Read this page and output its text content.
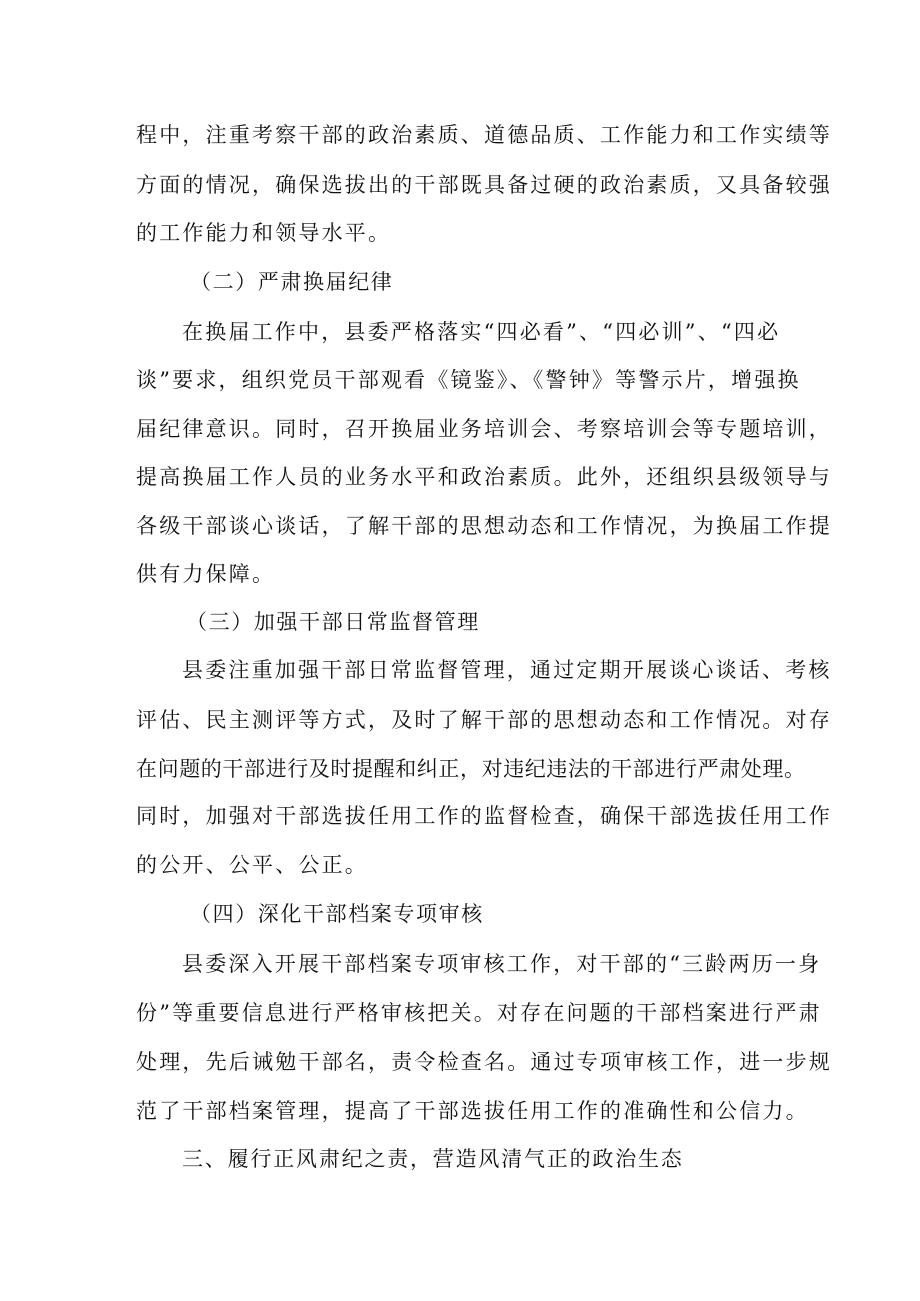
程中，注重考察干部的政治素质、道德品质、工作能力和工作实绩等
方面的情况，确保选拔出的干部既具备过硬的政治素质，又具备较强
的工作能力和领导水平。
（二）严肃换届纪律
在换届工作中，县委严格落实“四必看”、“四必训”、“四必
谈”要求，组织党员干部观看《镜鉴》、《警钟》等警示片，增强换
届纪律意识。同时，召开换届业务培训会、考察培训会等专题培训，
提高换届工作人员的业务水平和政治素质。此外，还组织县级领导与
各级干部谈心谈话，了解干部的思想动态和工作情况，为换届工作提
供有力保障。
（三）加强干部日常监督管理
县委注重加强干部日常监督管理，通过定期开展谈心谈话、考核
评估、民主测评等方式，及时了解干部的思想动态和工作情况。对存
在问题的干部进行及时提醒和纠正，对违纪违法的干部进行严肃处理。
同时，加强对干部选拔任用工作的监督检查，确保干部选拔任用工作
的公开、公平、公正。
（四）深化干部档案专项审核
县委深入开展干部档案专项审核工作，对干部的“三龄两历一身
份”等重要信息进行严格审核把关。对存在问题的干部档案进行严肃
处理，先后诫勉干部名，责令检查名。通过专项审核工作，进一步规
范了干部档案管理，提高了干部选拔任用工作的准确性和公信力。
三、履行正风肃纪之责，营造风清气正的政治生态
